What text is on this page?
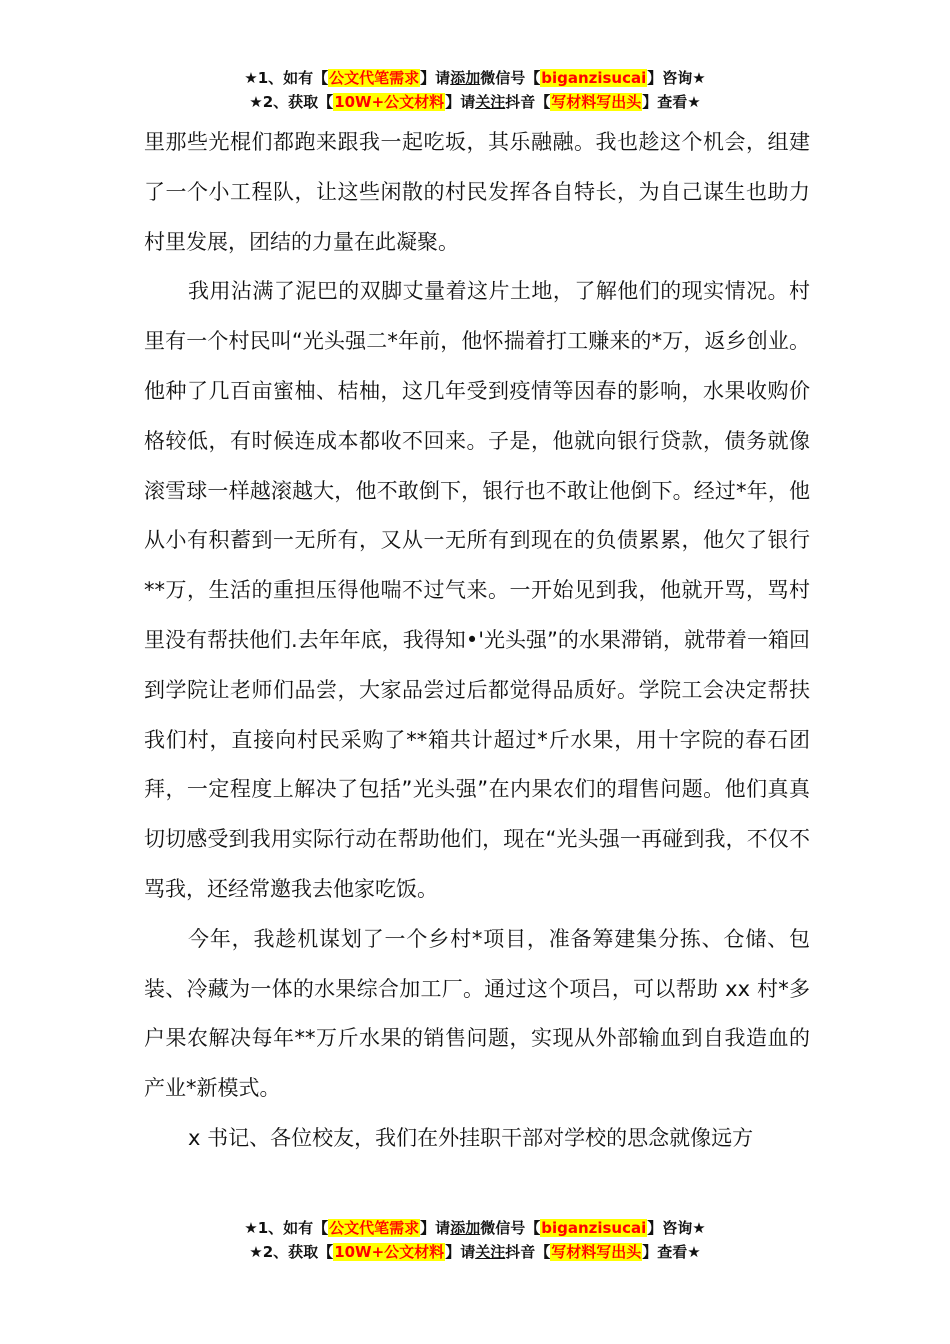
★1、如有【公文代笔需求】请添加微信号【biganzisucai】咨询★
★2、获取【10W+公文材料】请关注抖音【写材料写出头】查看★

里那些光棍们都跑来跟我一起吃坂，其乐融融。我也趁这个机会，组建了一个小工程队，让这些闲散的村民发挥各自特长，为自己谋生也助力村里发展，团结的力量在此凝聚。

我用沾满了泥巴的双脚丈量着这片土地，了解他们的现实情况。村里有一个村民叫“光头强二*年前，他怀揣着打工赚来的*万，返乡创业。他种了几百亩蜜柚、桔柚，这几年受到疫情等因春的影响，水果收购价格较低，有时候连成本都收不回来。子是，他就向银行贷款，债务就像滚雪球一样越滚越大，他不敢倒下，银行也不敢让他倒下。经过*年，他从小有积蓄到一无所有，又从一无所有到现在的负债累累，他欠了银行**万，生活的重担压得他喘不过气来。一开始见到我，他就开骂，骂村里没有帮扶他们.去年年底，我得知•'光头强”的水果滞销，就带着一箱回到学院让老师们品尝，大家品尝过后都觉得品质好。学院工会决定帮扶我们村，直接向村民采购了**箱共计超过*斤水果，用十字院的春石团拜，一定程度上解决了包括”光头强”在内果农们的瑁售问题。他们真真切切感受到我用实际行动在帮助他们，现在“光头强一再碰到我，不仅不骂我，还经常邀我去他家吃饭。

今年，我趁机谋划了一个乡村*项目，准备筹建集分拣、仓储、包装、冷藏为一体的水果综合加工厂。通过这个项吕，可以帮助 xx 村*多户果农解决每年**万斤水果的销售问题，实现从外部输血到自我造血的产业*新模式。

x 书记、各位校友，我们在外挂职干部对学校的思念就像远方

★1、如有【公文代笔需求】请添加微信号【biganzisucai】咨询★
★2、获取【10W+公文材料】请关注抖音【写材料写出头】查看★
